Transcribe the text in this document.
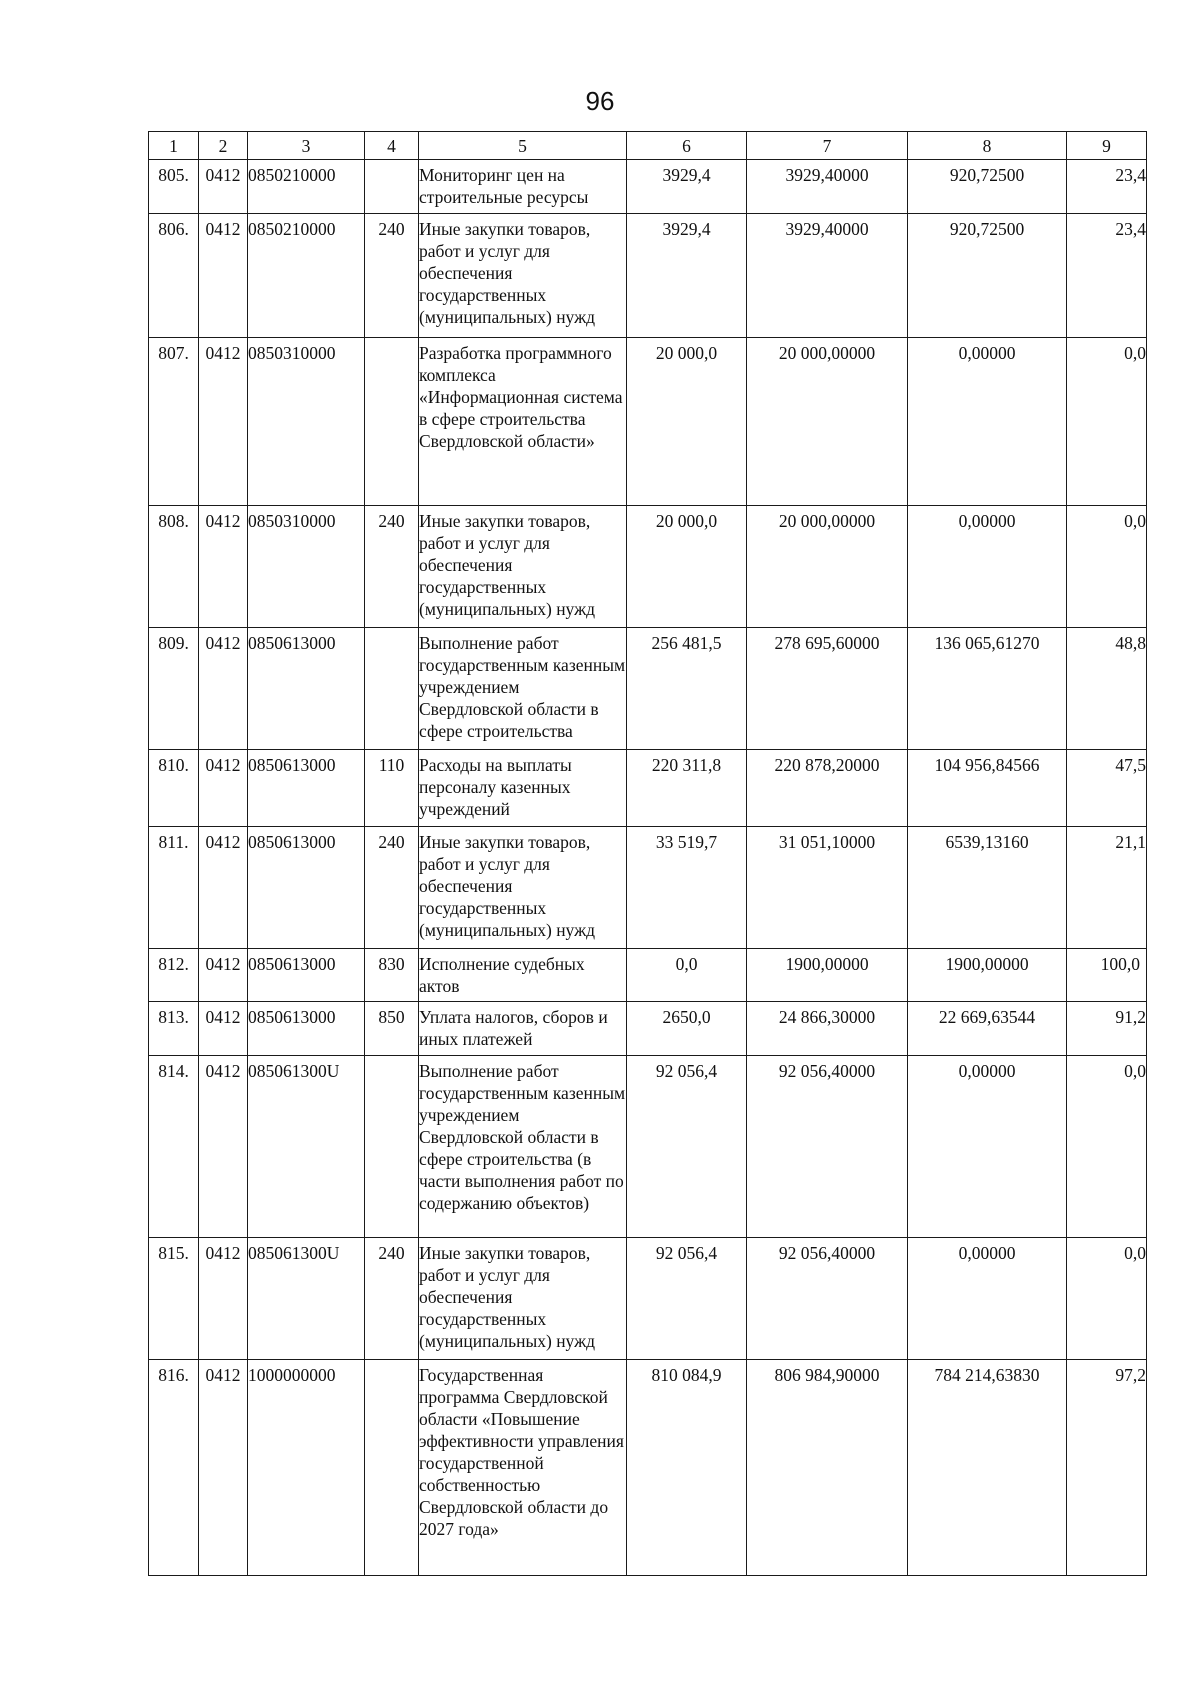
96
1	2	3	4	5	6	7	8	9
805.	0412	0850210000		Мониторинг цен на строительные ресурсы	3929,4	3929,40000	920,72500	23,4
806.	0412	0850210000	240	Иные закупки товаров, работ и услуг для обеспечения государственных (муниципальных) нужд	3929,4	3929,40000	920,72500	23,4
807.	0412	0850310000		Разработка программного комплекса «Информационная система в сфере строительства Свердловской области»	20 000,0	20 000,00000	0,00000	0,0
808.	0412	0850310000	240	Иные закупки товаров, работ и услуг для обеспечения государственных (муниципальных) нужд	20 000,0	20 000,00000	0,00000	0,0
809.	0412	0850613000		Выполнение работ государственным казенным учреждением Свердловской области в сфере строительства	256 481,5	278 695,60000	136 065,61270	48,8
810.	0412	0850613000	110	Расходы на выплаты персоналу казенных учреждений	220 311,8	220 878,20000	104 956,84566	47,5
811.	0412	0850613000	240	Иные закупки товаров, работ и услуг для обеспечения государственных (муниципальных) нужд	33 519,7	31 051,10000	6539,13160	21,1
812.	0412	0850613000	830	Исполнение судебных актов	0,0	1900,00000	1900,00000	100,0
813.	0412	0850613000	850	Уплата налогов, сборов и иных платежей	2650,0	24 866,30000	22 669,63544	91,2
814.	0412	085061300U		Выполнение работ государственным казенным учреждением Свердловской области в сфере строительства (в части выполнения работ по содержанию объектов)	92 056,4	92 056,40000	0,00000	0,0
815.	0412	085061300U	240	Иные закупки товаров, работ и услуг для обеспечения государственных (муниципальных) нужд	92 056,4	92 056,40000	0,00000	0,0
816.	0412	1000000000		Государственная программа Свердловской области «Повышение эффективности управления государственной собственностью Свердловской области до 2027 года»	810 084,9	806 984,90000	784 214,63830	97,2
